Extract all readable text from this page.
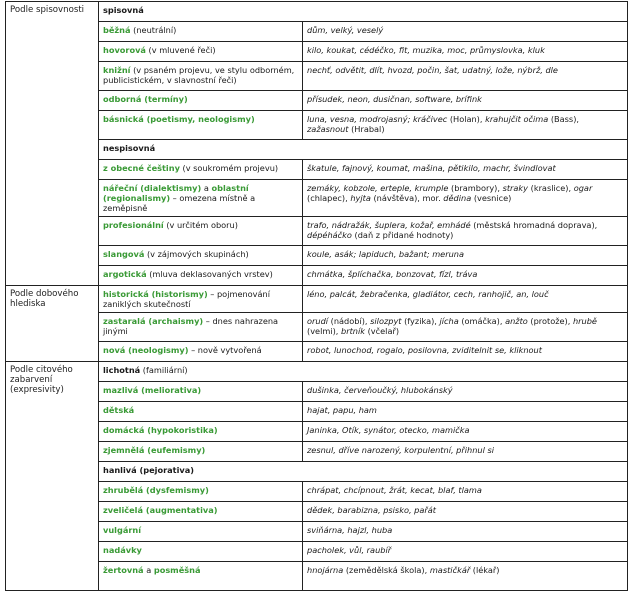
Podle spisovnosti	spisovná	
	běžná (neutrální)	dům, velký, veselý
	hovorová (v mluvené řeči)	kilo, koukat, cédéčko, fit, muzika, moc, průmyslovka, kluk
	knižní (v psaném projevu, ve stylu odborném, publicistickém, v slavnostní řeči)	nechť, odvětit, dlít, hvozd, počin, šat, udatný, lože, nýbrž, dle
	odborná (termíny)	přísudek, neon, dusičnan, software, brífink
	básnická (poetismy, neologismy)	luna, vesna, modrojasný; kráčivec (Holan), krahujčit očima (Bass), zažasnout (Hrabal)
	nespisovná	
	z obecné češtiny (v soukromém projevu)	škatule, fajnový, koumat, mašina, pětikilo, machr, švindlovat
	nářeční (dialektismy) a oblastní (regionalismy) – omezena místně a zeměpisně	zemáky, kobzole, erteple, krumple (brambory), straky (kraslice), ogar (chlapec), hyjta (návštěva), mor. dědina (vesnice)
	profesionální (v určitém oboru)	trafo, nádražák, šuplera, kožař, emhádé (městská hromadná doprava), dépéháčko (daň z přidané hodnoty)
	slangová (v zájmových skupinách)	koule, asák; lapiduch, bažant; meruna
	argotická (mluva deklasovaných vrstev)	chmátka, šplíchačka, bonzovat, fízl, tráva
Podle dobového hlediska	historická (historismy) – pojmenování zaniklých skutečností	léno, palcát, žebračenka, gladiátor, cech, ranhojič, an, louč
	zastaralá (archaismy) – dnes nahrazena jinými	orudí (nádobí), silozpyt (fyzika), jícha (omáčka), anžto (protože), hrubě (velmi), brtník (včelař)
	nová (neologismy) – nově vytvořená	robot, lunochod, rogalo, posilovna, zviditelnit se, kliknout
Podle citového zabarvení (expresivity)	lichotná (familiární)	
	mazlivá (meliorativa)	dušinka, červeňoučký, hlubokánský
	dětská	hajat, papu, ham
	domácká (hypokoristika)	Janinka, Otík, synátor, otecko, mamička
	zjemnělá (eufemismy)	zesnul, dříve narozený, korpulentní, přihnul si
	hanlivá (pejorativa)	
	zhrubělá (dysfemismy)	chrápat, chcípnout, žrát, kecat, blaf, tlama
	zveličelá (augmentativa)	dědek, barabizna, psisko, pařát
	vulgární	sviňárna, hajzl, huba
	nadávky	pacholek, vůl, raubíř
	žertovná a posměšná	hnojárna (zemědělská škola), mastičkář (lékař)
